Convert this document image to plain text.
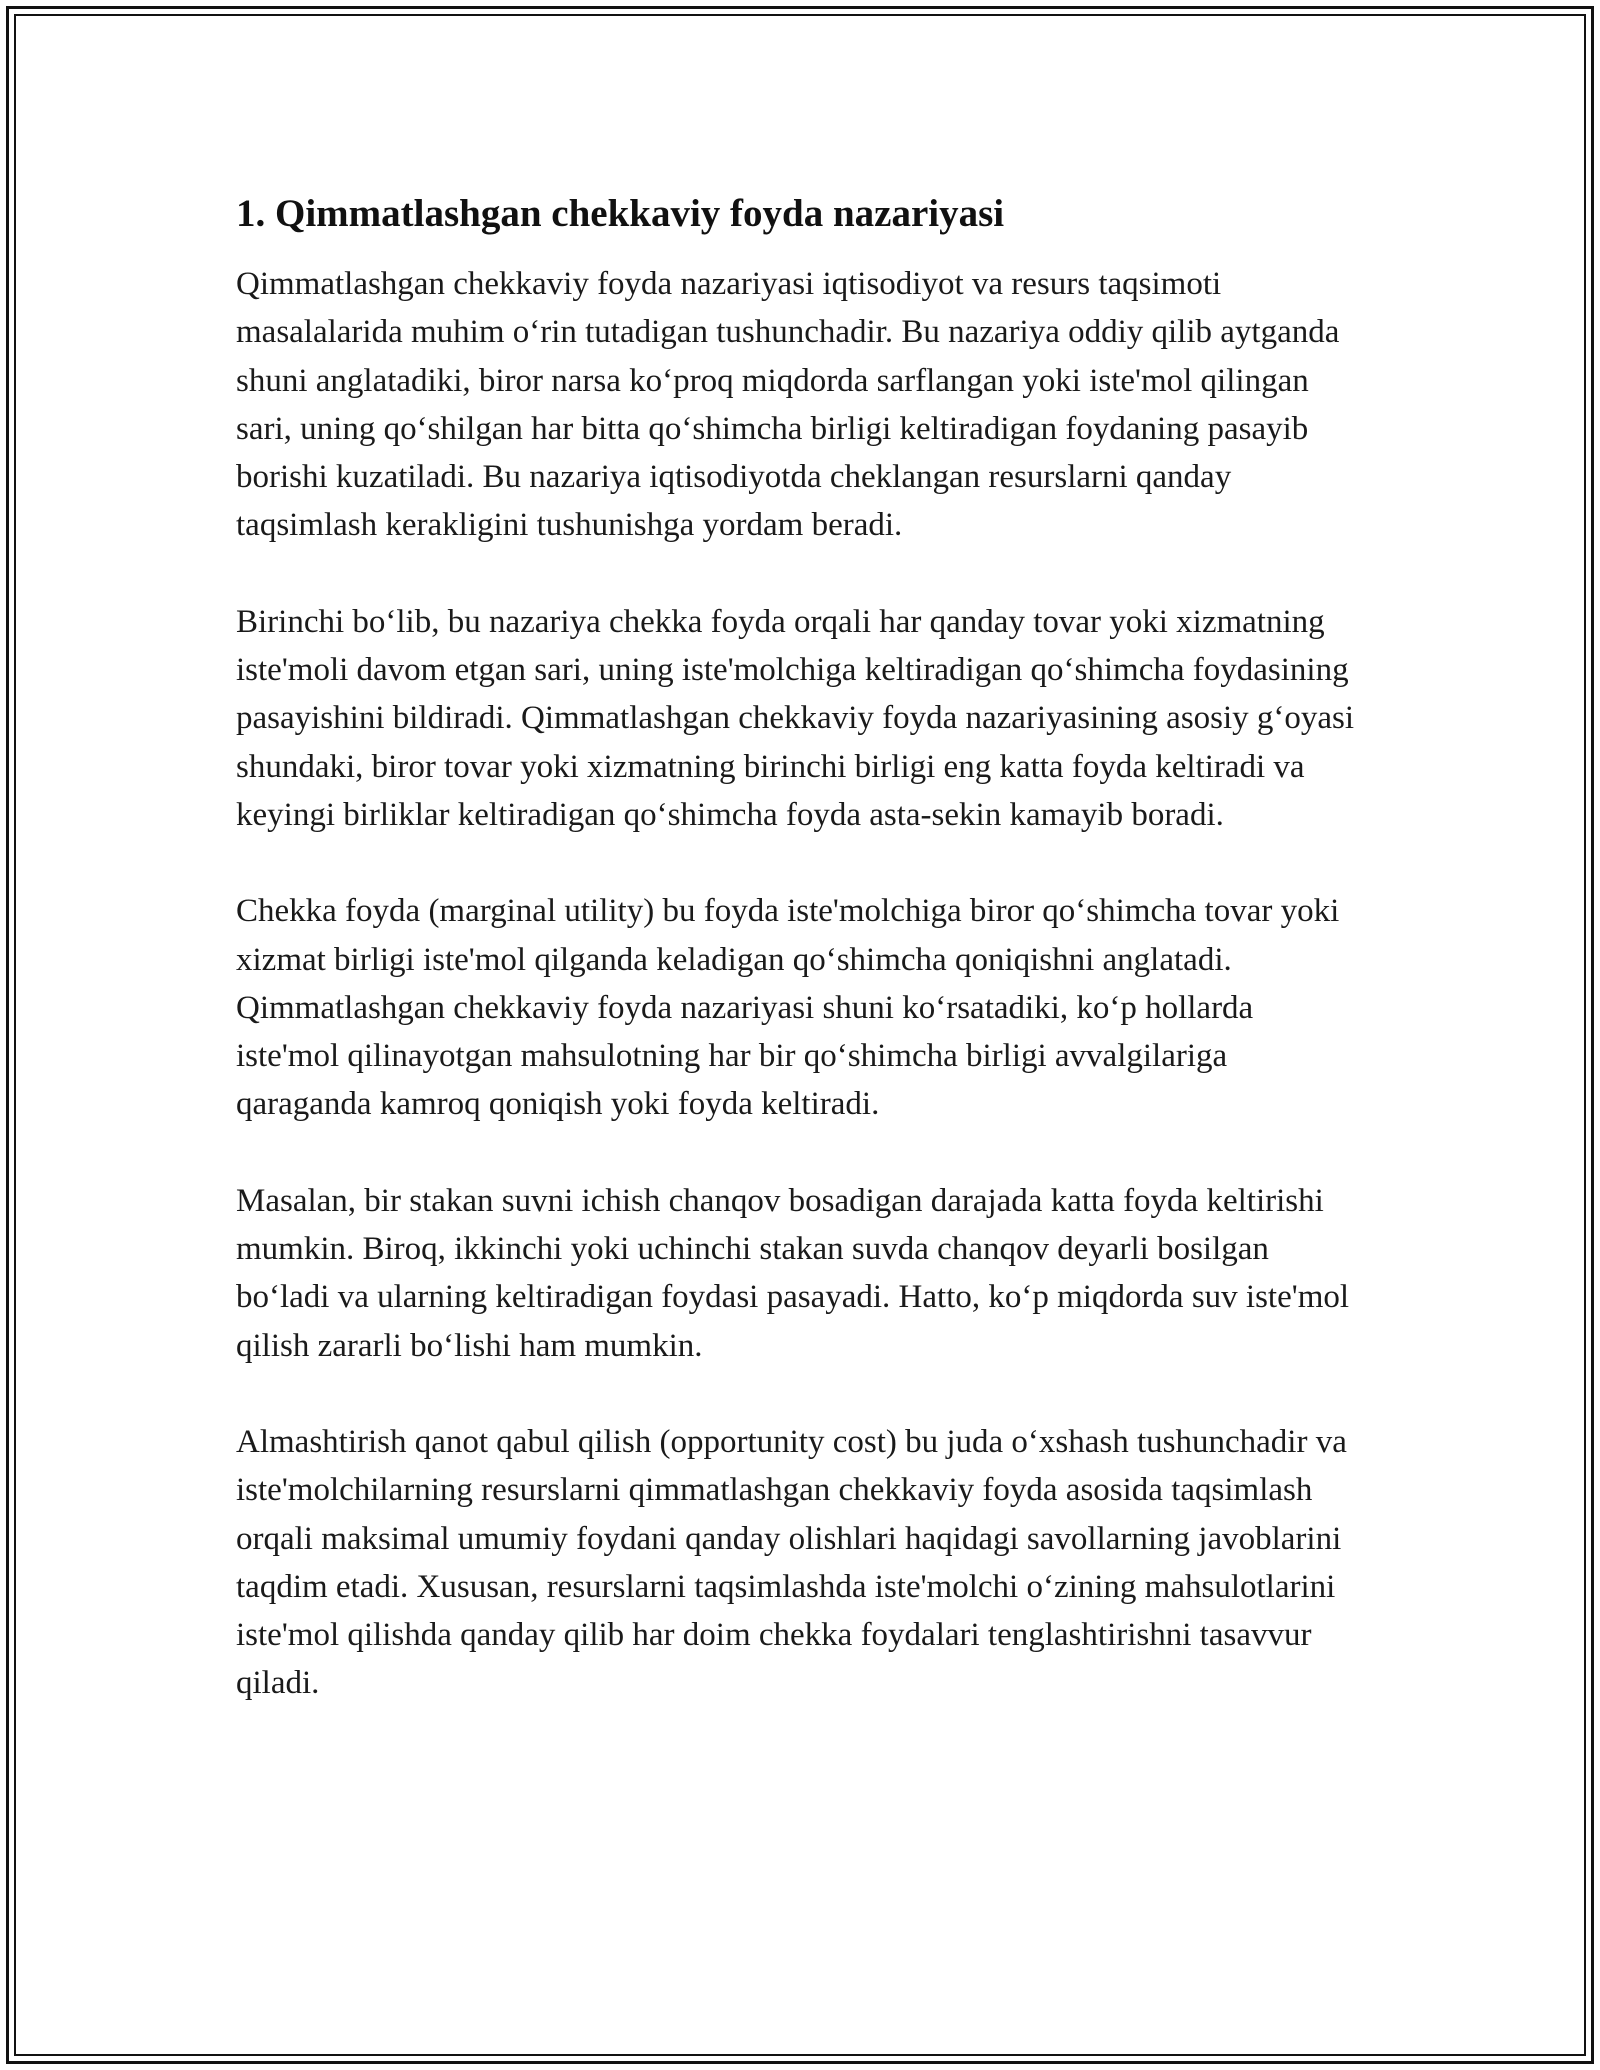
1. Qimmatlashgan chekkaviy foyda nazariyasi

Qimmatlashgan chekkaviy foyda nazariyasi iqtisodiyot va resurs taqsimoti masalalarida muhim o‘rin tutadigan tushunchadir. Bu nazariya oddiy qilib aytganda shuni anglatadiki, biror narsa ko‘proq miqdorda sarflangan yoki iste'mol qilingan sari, uning qo‘shilgan har bitta qo‘shimcha birligi keltiradigan foydaning pasayib borishi kuzatiladi. Bu nazariya iqtisodiyotda cheklangan resurslarni qanday taqsimlash kerakligini tushunishga yordam beradi.

Birinchi bo‘lib, bu nazariya chekka foyda orqali har qanday tovar yoki xizmatning iste'moli davom etgan sari, uning iste'molchiga keltiradigan qo‘shimcha foydasining pasayishini bildiradi. Qimmatlashgan chekkaviy foyda nazariyasining asosiy g‘oyasi shundaki, biror tovar yoki xizmatning birinchi birligi eng katta foyda keltiradi va keyingi birliklar keltiradigan qo‘shimcha foyda asta-sekin kamayib boradi.

Chekka foyda (marginal utility) bu foyda iste'molchiga biror qo‘shimcha tovar yoki xizmat birligi iste'mol qilganda keladigan qo‘shimcha qoniqishni anglatadi. Qimmatlashgan chekkaviy foyda nazariyasi shuni ko‘rsatadiki, ko‘p hollarda iste'mol qilinayotgan mahsulotning har bir qo‘shimcha birligi avvalgilariga qaraganda kamroq qoniqish yoki foyda keltiradi.

Masalan, bir stakan suvni ichish chanqov bosadigan darajada katta foyda keltirishi mumkin. Biroq, ikkinchi yoki uchinchi stakan suvda chanqov deyarli bosilgan bo‘ladi va ularning keltiradigan foydasi pasayadi. Hatto, ko‘p miqdorda suv iste'mol qilish zararli bo‘lishi ham mumkin.

Almashtirish qanot qabul qilish (opportunity cost) bu juda o‘xshash tushunchadir va iste'molchilarning resurslarni qimmatlashgan chekkaviy foyda asosida taqsimlash orqali maksimal umumiy foydani qanday olishlari haqidagi savollarning javoblarini taqdim etadi. Xususan, resurslarni taqsimlashda iste'molchi o‘zining mahsulotlarini iste'mol qilishda qanday qilib har doim chekka foydalari tenglashtirishni tasavvur qiladi.
